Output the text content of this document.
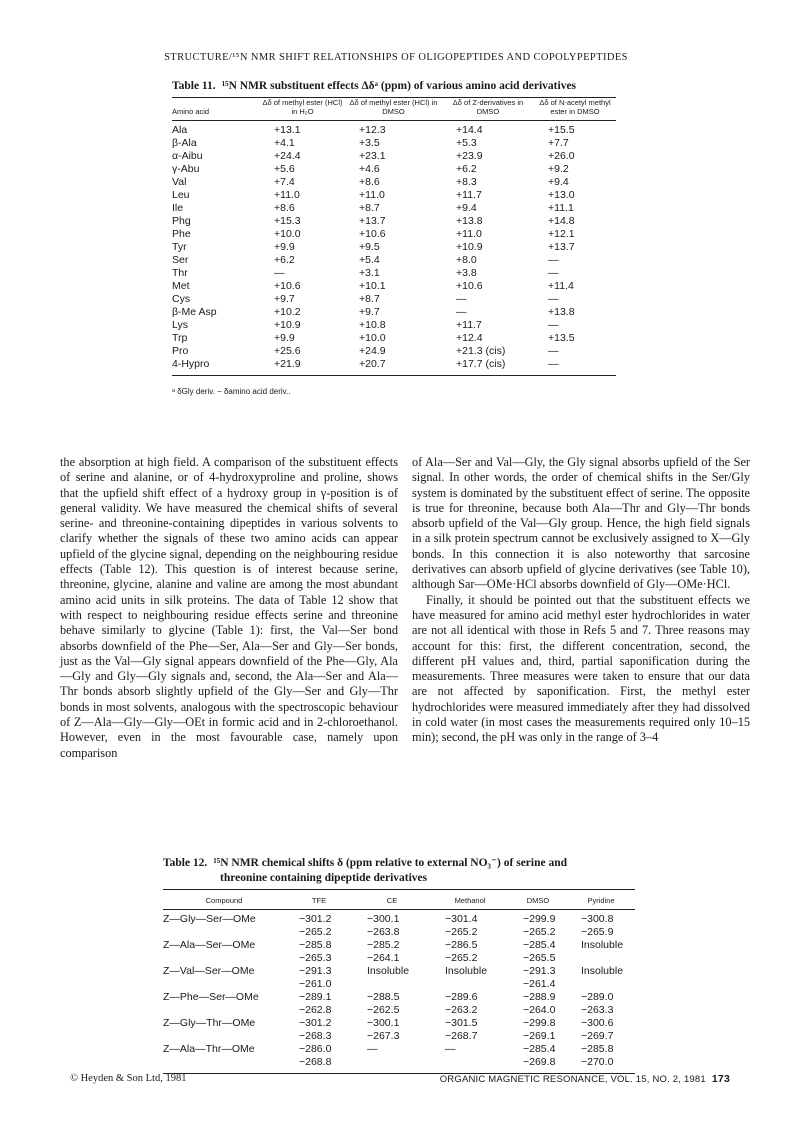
STRUCTURE/¹⁵N NMR SHIFT RELATIONSHIPS OF OLIGOPEPTIDES AND COPOLYPEPTIDES
Table 11. ¹⁵N NMR substituent effects Δδᵃ (ppm) of various amino acid derivatives
Amino acid	Δδ of methyl ester (HCl) in H₂O	Δδ of methyl ester (HCl) in DMSO	Δδ of Z-derivatives in DMSO	Δδ of N-acetyl methyl ester in DMSO
Ala	+13.1	+12.3	+14.4	+15.5
β-Ala	+4.1	+3.5	+5.3	+7.7
α-Aibu	+24.4	+23.1	+23.9	+26.0
γ-Abu	+5.6	+4.6	+6.2	+9.2
Val	+7.4	+8.6	+8.3	+9.4
Leu	+11.0	+11.0	+11.7	+13.0
Ile	+8.6	+8.7	+9.4	+11.1
Phg	+15.3	+13.7	+13.8	+14.8
Phe	+10.0	+10.6	+11.0	+12.1
Tyr	+9.9	+9.5	+10.9	+13.7
Ser	+6.2	+5.4	+8.0	—
Thr	—	+3.1	+3.8	—
Met	+10.6	+10.1	+10.6	+11.4
Cys	+9.7	+8.7	—	—
β-Me Asp	+10.2	+9.7	—	+13.8
Lys	+10.9	+10.8	+11.7	—
Trp	+9.9	+10.0	+12.4	+13.5
Pro	+25.6	+24.9	+21.3 (cis)	—
4-Hypro	+21.9	+20.7	+17.7 (cis)	—
ᵃ δGly deriv. − δamino acid deriv..

the absorption at high field. A comparison of the substituent effects of serine and alanine, or of 4-hydroxyproline and proline, shows that the upfield shift effect of a hydroxy group in γ-position is of general validity. We have measured the chemical shifts of several serine- and threonine-containing dipeptides in various solvents to clarify whether the signals of these two amino acids can appear upfield of the glycine signal, depending on the neighbouring residue effects (Table 12). This question is of interest because serine, threonine, glycine, alanine and valine are among the most abundant amino acid units in silk proteins. The data of Table 12 show that with respect to neighbouring residue effects serine and threonine behave similarly to glycine (Table 1): first, the Val—Ser bond absorbs downfield of the Phe—Ser, Ala—Ser and Gly—Ser bonds, just as the Val—Gly signal appears downfield of the Phe—Gly, Ala—Gly and Gly—Gly signals and, second, the Ala—Ser and Ala—Thr bonds absorb slightly upfield of the Gly—Ser and Gly—Thr bonds in most solvents, analogous with the spectroscopic behaviour of Z—Ala—Gly—Gly—OEt in formic acid and in 2-chloroethanol. However, even in the most favourable case, namely upon comparison

of Ala—Ser and Val—Gly, the Gly signal absorbs upfield of the Ser signal. In other words, the order of chemical shifts in the Ser/Gly system is dominated by the substituent effect of serine. The opposite is true for threonine, because both Ala—Thr and Gly—Thr bonds absorb upfield of the Val—Gly group. Hence, the high field signals in a silk protein spectrum cannot be exclusively assigned to X—Gly bonds. In this connection it is also noteworthy that sarcosine derivatives can absorb upfield of glycine derivatives (see Table 10), although Sar—OMe·HCl absorbs downfield of Gly—OMe·HCl.

Finally, it should be pointed out that the substituent effects we have measured for amino acid methyl ester hydrochlorides in water are not all identical with those in Refs 5 and 7. Three reasons may account for this: first, the different concentration, second, the different pH values and, third, partial saponification during the measurements. Three measures were taken to ensure that our data are not affected by saponification. First, the methyl ester hydrochlorides were measured immediately after they had dissolved in cold water (in most cases the measurements required only 10–15 min); second, the pH was only in the range of 3–4

Table 12. ¹⁵N NMR chemical shifts δ (ppm relative to external NO₃⁻) of serine and
threonine containing dipeptide derivatives
Compound	TFE	CE	Methanol	DMSO	Pyridine
Z—Gly—Ser—OMe	−301.2	−300.1	−301.4	−299.9	−300.8
	−265.2	−263.8	−265.2	−265.2	−265.9
Z—Ala—Ser—OMe	−285.8	−285.2	−286.5	−285.4	Insoluble
	−265.3	−264.1	−265.2	−265.5	
Z—Val—Ser—OMe	−291.3	Insoluble	Insoluble	−291.3	Insoluble
	−261.0			−261.4	
Z—Phe—Ser—OMe	−289.1	−288.5	−289.6	−288.9	−289.0
	−262.8	−262.5	−263.2	−264.0	−263.3
Z—Gly—Thr—OMe	−301.2	−300.1	−301.5	−299.8	−300.6
	−268.3	−267.3	−268.7	−269.1	−269.7
Z—Ala—Thr—OMe	−286.0	—	—	−285.4	−285.8
	−268.8			−269.8	−270.0
© Heyden & Son Ltd, 1981	ORGANIC MAGNETIC RESONANCE, VOL. 15, NO. 2, 1981 173
